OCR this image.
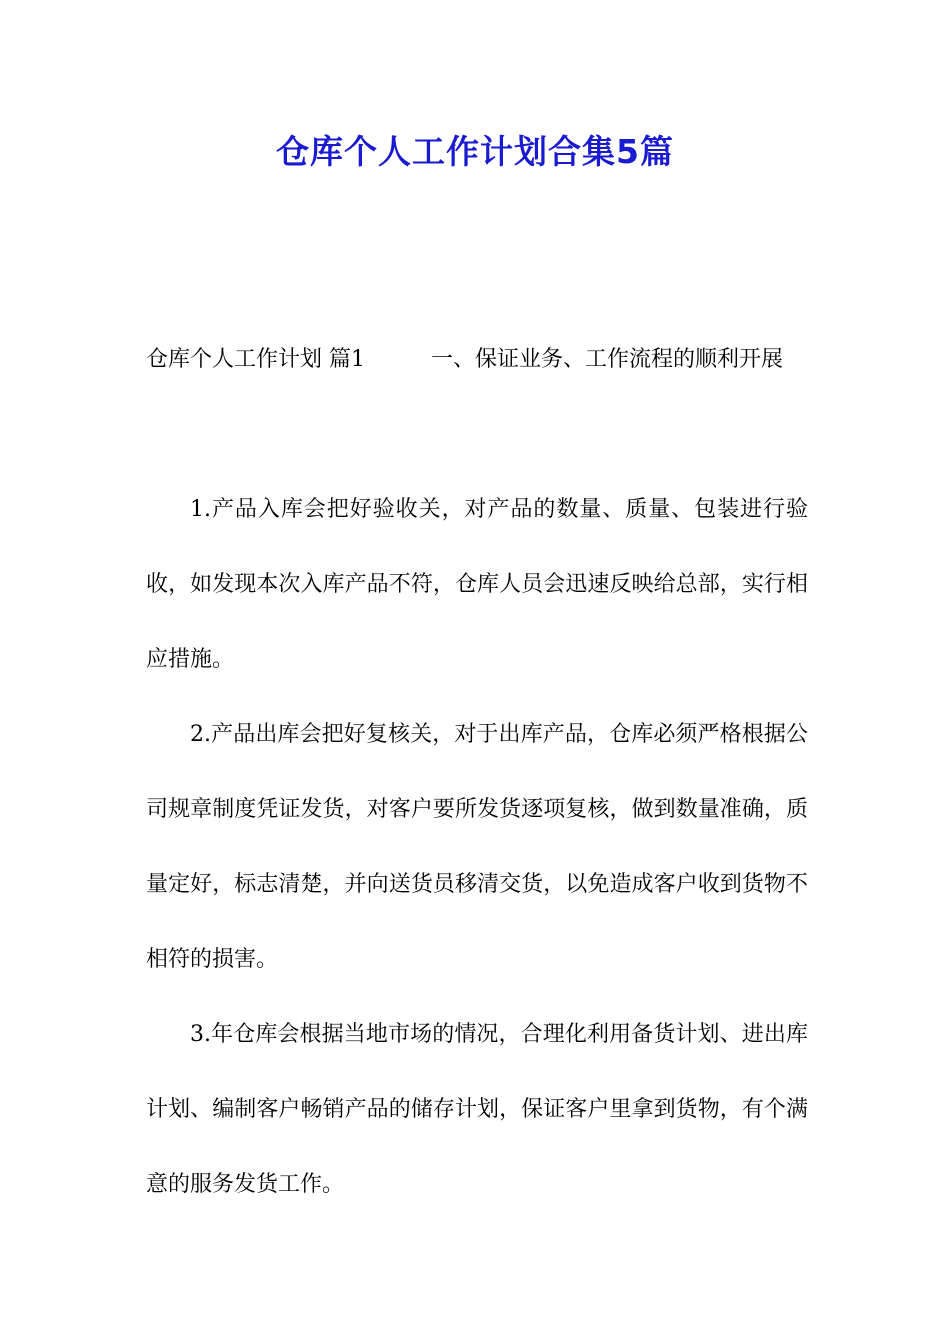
仓库个人工作计划合集5篇

仓库个人工作计划 篇1	一、保证业务、工作流程的顺利开展

1.产品入库会把好验收关，对产品的数量、质量、包装进行验收，如发现本次入库产品不符，仓库人员会迅速反映给总部，实行相应措施。

2.产品出库会把好复核关，对于出库产品，仓库必须严格根据公司规章制度凭证发货，对客户要所发货逐项复核，做到数量准确，质量定好，标志清楚，并向送货员移清交货，以免造成客户收到货物不相符的损害。

3.年仓库会根据当地市场的情况，合理化利用备货计划、进出库计划、编制客户畅销产品的储存计划，保证客户里拿到货物，有个满意的服务发货工作。
